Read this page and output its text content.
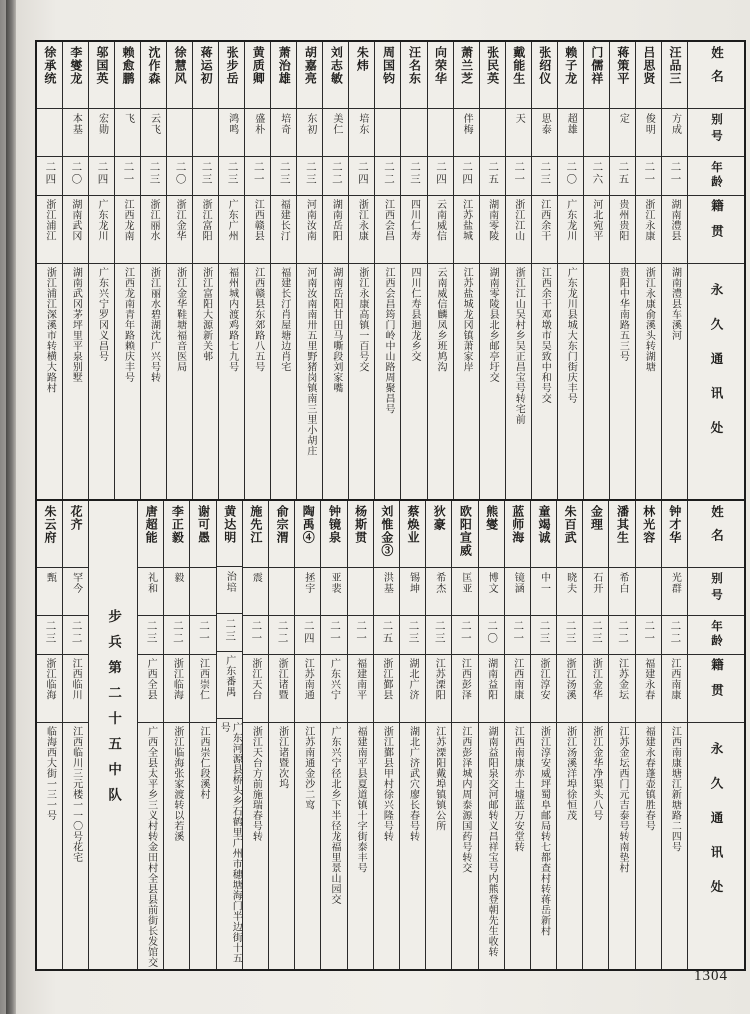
姓名
别号
年龄
籍贯
永久通讯处
汪品三
方成
二一
湖南澧县
湖南澧县车溪河
吕思贤
俊明
二一
浙江永康
浙江永康俞溪头转湖塘
蒋策平
定
二五
贵州贵阳
贵阳中华南路五三号
门儒祥
二六
河北宛平
赖子龙
超雄
二〇
广东龙川
广东龙川县城大东门街庆丰号
张绍仪
思泰
二三
江西余干
江西余干邓墩市吴致中和号交
戴能生
天
二一
浙江江山
浙江江山吴村乡吴正昌宝号转宅前
张民英
二五
湖南零陵
湖南零陵县北乡邮亭圩交
萧兰芝
伴梅
二四
江苏盐城
江苏盐城龙冈镇萧家岸
向荣华
二四
云南威信
云南威信麟凤乡班鸠沟
汪名东
二三
四川仁寿
四川仁寿县迴龙乡交
周国钧
二二
江西会昌
江西会昌筠门岭中山路周聚昌号
朱炜
培东
二四
浙江永康
浙江永康高镇一百号交
刘志敏
美仁
二二
湖南岳阳
湖南岳阳甘田马嘶段刘家嘴
胡嘉亮
东初
二三
河南汝南
河南汝南南卅五里野猪岗镇南三里小胡庄
萧治雄
培奇
二三
福建长汀
福建长汀肖屋塘边肖宅
黄质卿
盛朴
二一
江西赣县
江西赣县东郊路八五号
张步岳
鸿鸣
二三
广东广州
福州城内渡鸡路七九号
蒋运初
二三
浙江富阳
浙江富阳大源新关邨
徐慧风
二〇
浙江金华
浙江金华鞋塘福音医局
沈作森
云飞
二三
浙江丽水
浙江丽水碧湖沈广兴号转
赖愈鹏
飞
二一
江西龙南
江西龙南青年路赖庆丰号
邬国英
宏勋
二四
广东龙川
广东兴宁罗冈义昌号
李燮龙
本基
二〇
湖南武冈
湖南武冈茅坪里平泉别墅
徐承统
二四
浙江浦江
浙江浦江深溪市转横大路村
姓名
别号
年龄
籍贯
永久通讯处
钟才华
光群
二二
江西南康
江西南康塘江新塘路二四号
林光容
二一
福建永春
福建永春蓬壶镇胜春号
潘其生
希白
二二
江苏金坛
江苏金坛西门元吉泰号转南垫村
金理
石开
二三
浙江金华
浙江金华净渠头八号
朱百武
晓夫
二三
浙江汤溪
浙江汤溪洋埠徐恒茂
童竭诚
中一
二三
浙江淳安
浙江淳安威坪蜀阜邮局转七都查村转蒋岳新村
蓝师海
镜涵
二一
江西南康
江西南康赤土墟蓝万安堂转
熊燮
博文
二〇
湖南益阳
湖南益阳泉交河邮转义昌祥宝号内熊登朝先生收转
欧阳宣威
匡亚
二一
江西彭泽
江西彭泽城内周泰源国药号转交
狄豪
希杰
二三
江苏溧阳
江苏溧阳戴埠镇镇公所
蔡焕业
锡坤
二三
湖北广济
湖北广济武穴廖长春号转
刘惟金③
洪基
二五
浙江鄞县
浙江鄞县甲村徐兴隆号转
杨斯贯
二一
福建南平
福建南平县夏道镇十字街泰丰号
钟镜泉
亚裴
二一
广东兴宁
广东兴宁径北乡下半径龙福里景山园交
陶禹④
拯宇
二四
江苏南通
江苏南通金沙二窎
俞宗渭
二二
浙江诸暨
浙江诸暨次坞
施先江
震
二一
浙江天台
浙江天台方前施瑞春号转
黄达明
治培
二三
广东番禺
广东河源县桥头乡石鹤里广州市穗塘海门半边街十五号
谢可愚
二一
江西崇仁
江西崇仁段溪村
李正毅
毅
二二
浙江临海
浙江临海张家渡转以若溪
唐超能
礼和
二三
广西全县
广西全县太平乡三义村转金田村全县县前街长发馆交
步兵第二十五中队
花齐
罕今
二二
江西临川
江西临川三元楼一一〇号花宅
朱云府
甄
二三
浙江临海
临海西大街一三一号
1304
